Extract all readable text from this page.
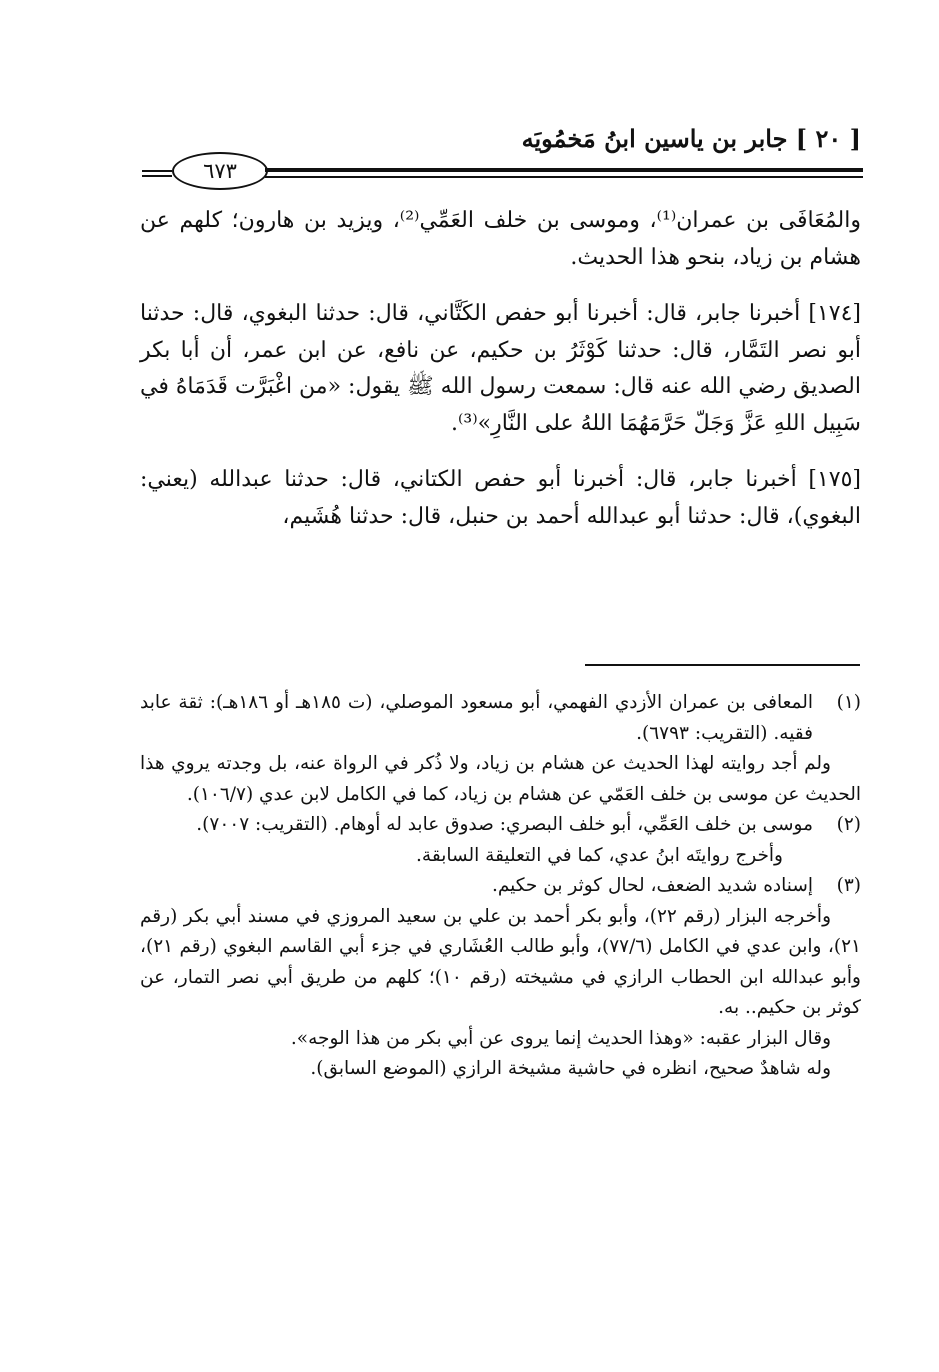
[ ٢٠ ] جابر بن ياسين ابنُ مَخمُويَه
٦٧٣

والمُعَافَى بن عمران⁽¹⁾، وموسى بن خلف العَمِّي⁽²⁾، ويزيد بن هارون؛ كلهم عن هشام بن زياد، بنحو هذا الحديث.

[١٧٤] أخبرنا جابر، قال: أخبرنا أبو حفص الكَتَّاني، قال: حدثنا البغوي، قال: حدثنا أبو نصر التَمَّار، قال: حدثنا كَوْثَرُ بن حكيم، عن نافع، عن ابن عمر، أن أبا بكر الصديق رضي الله عنه قال: سمعت رسول الله ﷺ يقول: «من اغْبَرَّت قَدَمَاهُ في سَبِيل اللهِ عَزَّ وَجَلّ حَرَّمَهُمَا اللهُ على النَّارِ»⁽³⁾.

[١٧٥] أخبرنا جابر، قال: أخبرنا أبو حفص الكتاني، قال: حدثنا عبدالله (يعني: البغوي)، قال: حدثنا أبو عبدالله أحمد بن حنبل، قال: حدثنا هُشَيم،

(١)

المعافى بن عمران الأزدي الفهمي، أبو مسعود الموصلي، (ت ١٨٥هـ أو ١٨٦هـ): ثقة عابد فقيه. (التقريب: ٦٧٩٣).

ولم أجد روايته لهذا الحديث عن هشام بن زياد، ولا ذُكر في الرواة عنه، بل وجدته يروي هذا الحديث عن موسى بن خلف العَمّي عن هشام بن زياد، كما في الكامل لابن عدي (١٠٦/٧).

(٢)

موسى بن خلف العَمِّي، أبو خلف البصري: صدوق عابد له أوهام. (التقريب: ٧٠٠٧).

وأخرج روايتَه ابنُ عدي، كما في التعليقة السابقة.

(٣)

إسناده شديد الضعف، لحال كوثر بن حكيم.

وأخرجه البزار (رقم ٢٢)، وأبو بكر أحمد بن علي بن سعيد المروزي في مسند أبي بكر (رقم ٢١)، وابن عدي في الكامل (٧٧/٦)، وأبو طالب العُشَاري في جزء أبي القاسم البغوي (رقم ٢١)، وأبو عبدالله ابن الحطاب الرازي في مشيخته (رقم ١٠)؛ كلهم من طريق أبي نصر التمار، عن كوثر بن حكيم.. به.

وقال البزار عقبه: «وهذا الحديث إنما يروى عن أبي بكر من هذا الوجه».

وله شاهدٌ صحيح، انظره في حاشية مشيخة الرازي (الموضع السابق).
